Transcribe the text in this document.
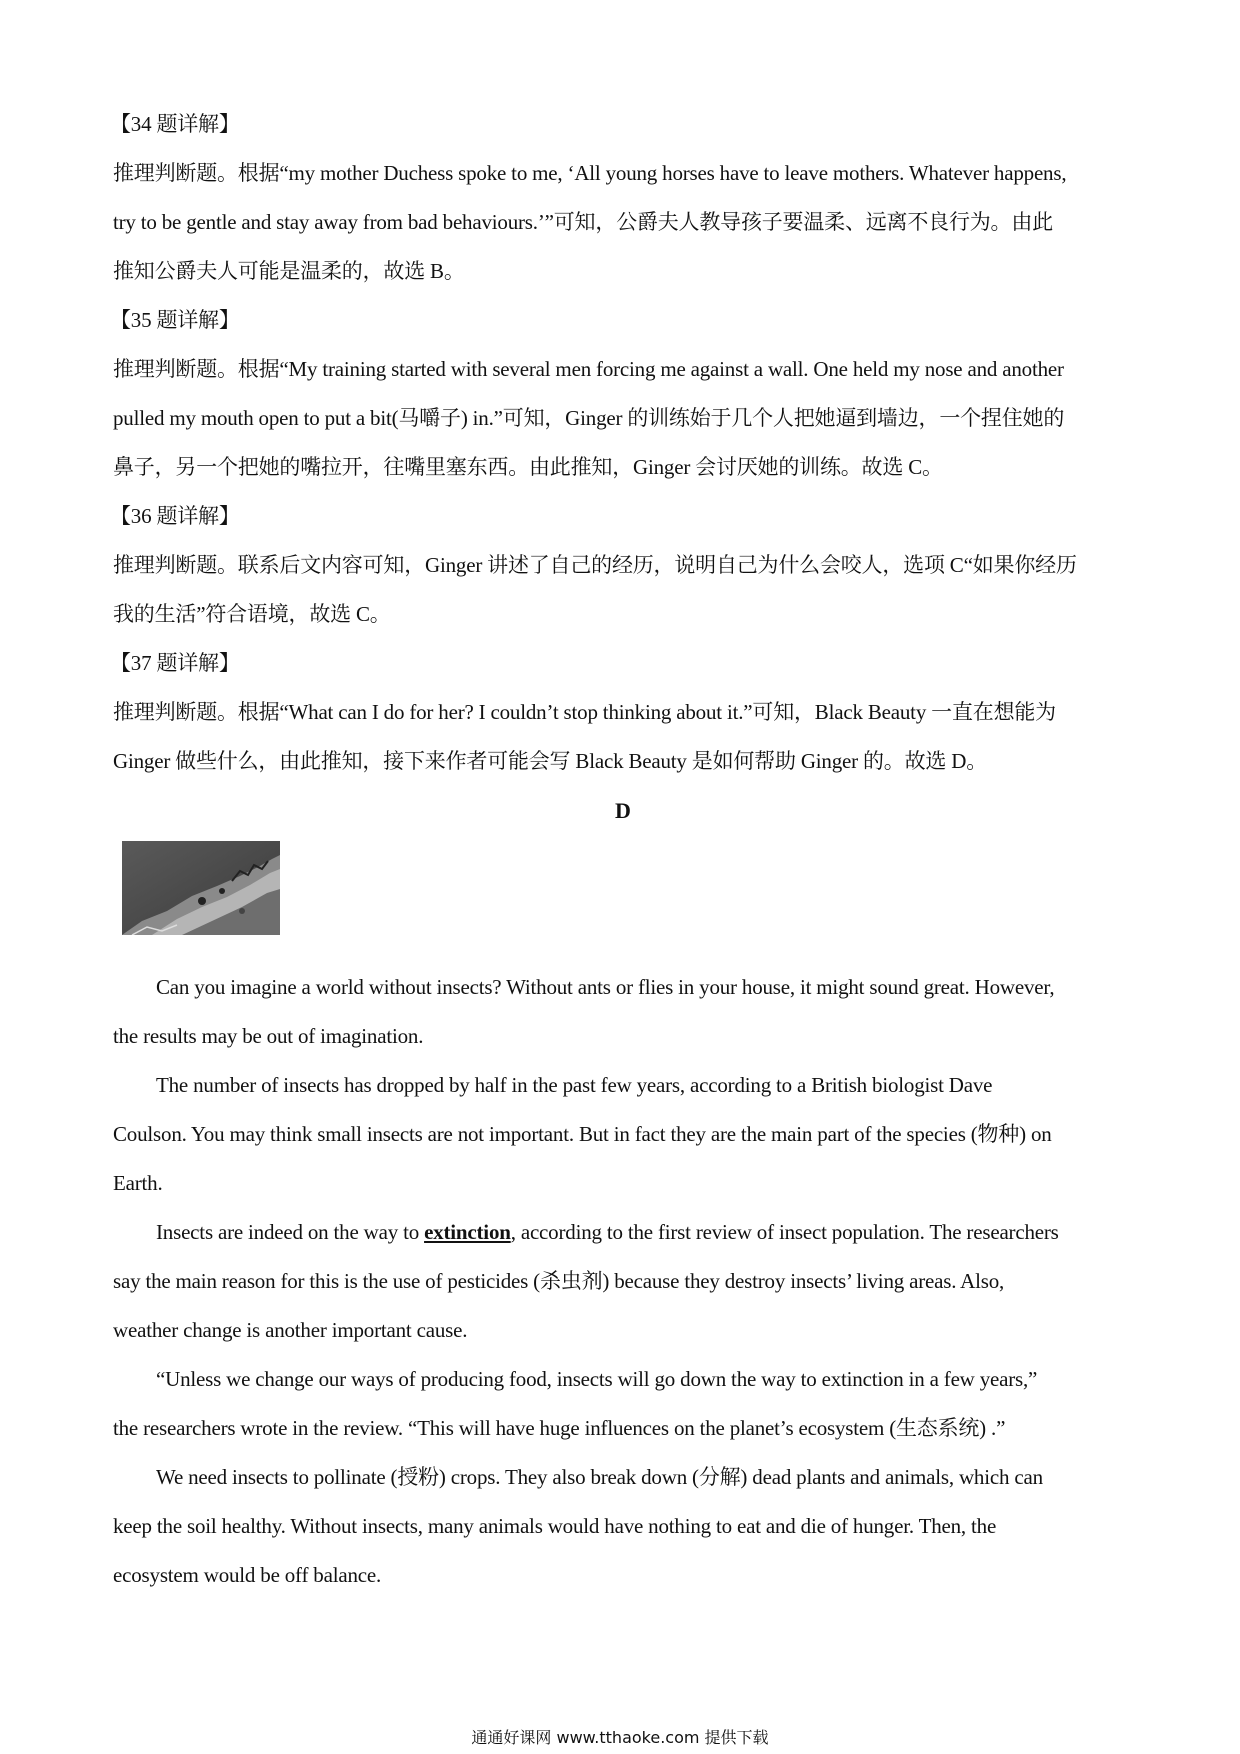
【34 题详解】

推理判断题。根据“my mother Duchess spoke to me, ‘All young horses have to leave mothers. Whatever happens,

try to be gentle and stay away from bad behaviours.’”可知，公爵夫人教导孩子要温柔、远离不良行为。由此

推知公爵夫人可能是温柔的，故选 B。

【35 题详解】

推理判断题。根据“My training started with several men forcing me against a wall. One held my nose and another

pulled my mouth open to put a bit(马嚼子) in.”可知，Ginger 的训练始于几个人把她逼到墙边，一个捏住她的

鼻子，另一个把她的嘴拉开，往嘴里塞东西。由此推知，Ginger 会讨厌她的训练。故选 C。

【36 题详解】

推理判断题。联系后文内容可知，Ginger 讲述了自己的经历，说明自己为什么会咬人，选项 C“如果你经历

我的生活”符合语境，故选 C。

【37 题详解】

推理判断题。根据“What can I do for her? I couldn’t stop thinking about it.”可知，Black Beauty 一直在想能为

Ginger 做些什么，由此推知，接下来作者可能会写 Black Beauty 是如何帮助 Ginger 的。故选 D。

D

Can you imagine a world without insects? Without ants or flies in your house, it might sound great. However,

the results may be out of imagination.

The number of insects has dropped by half in the past few years, according to a British biologist Dave

Coulson. You may think small insects are not important. But in fact they are the main part of the species (物种) on

Earth.

Insects are indeed on the way to extinction, according to the first review of insect population. The researchers

say the main reason for this is the use of pesticides (杀虫剂) because they destroy insects’ living areas. Also,

weather change is another important cause.

“Unless we change our ways of producing food, insects will go down the way to extinction in a few years,”

the researchers wrote in the review. “This will have huge influences on the planet’s ecosystem (生态系统) .”

We need insects to pollinate (授粉) crops. They also break down (分解) dead plants and animals, which can

keep the soil healthy. Without insects, many animals would have nothing to eat and die of hunger. Then, the

ecosystem would be off balance.

通通好课网 www.tthaoke.com 提供下载
